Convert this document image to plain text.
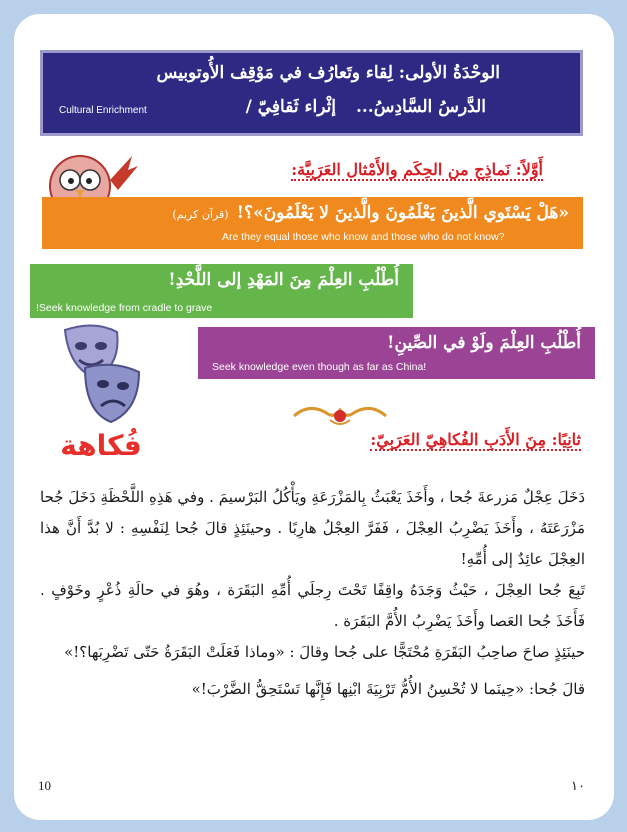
الوحْدَةُ الأولى: لِقاء وتَعارُف في مَوْقِف الأُوتوبيس
الدَّرسُ السَّادِسُ... إثْراء ثَقافِيّ /
Cultural Enrichment
أَوَّلاً: نَماذِج من الحِكَم والأَمْثال العَرَبِيَّة:
«هَلْ يَسْتَوي الَّذينَ يَعْلَمُونَ والَّذينَ لا يَعْلَمُونَ»؟!(قرآن كريم)
Are they equal those who know and those who do not know?
أُطْلُبِ العِلْمَ مِنَ المَهْدِ إلى اللَّحْدِ!
!Seek knowledge from cradle to grave
أُطْلُبِ العِلْمَ ولَوْ في الصِّينِ!
Seek knowledge even though as far as China!
فُكاهة	ثانِيًا: مِنَ الأَدَبِ الفُكاهِيّ العَرَبِيّ:

دَخَلَ عِجْلٌ مَزرعةَ جُحا ، وأَخَذَ يَعْبَثُ بِالمَزْرَعَةِ ويَأْكُلُ البَرْسيمَ . وفي هَذِهِ اللَّحْظَةِ دَخَلَ جُحا مَزْرَعَتَهُ ، وأَخَذَ يَضْرِبُ العِجْلَ ، فَفَرَّ العِجْلُ هارِبًا . وحينَئِذٍ قالَ جُحا لِنَفْسِهِ : لا بُدَّ أَنَّ هذا العِجْلَ عائِدٌ إلى أُمِّهِ!

تَبِعَ جُحا العِجْلَ ، حَيْثُ وَجَدَهُ واقِفًا تَحْتَ رِجلَي أُمِّهِ البَقَرَة ، وهُوَ في حالَةِ ذُعْرٍ وخَوْفٍ . فَأَخَذَ جُحا العَصا وأَخَذَ يَضْرِبُ الأُمَّ البَقَرَة .

حينَئِذٍ صاحَ صاحِبُ البَقَرَةِ مُحْتَجًّا على جُحا وقالَ : «وماذا فَعَلَتْ البَقَرَةُ حَتّى تَضْرِبَها؟!»

قالَ جُحا: «حِينَما لا تُحْسِنُ الأُمُّ تَرْبِيَةَ ابْنِها فَإِنَّها تَسْتَحِقُّ الضَّرْبَ!»

10	١٠
